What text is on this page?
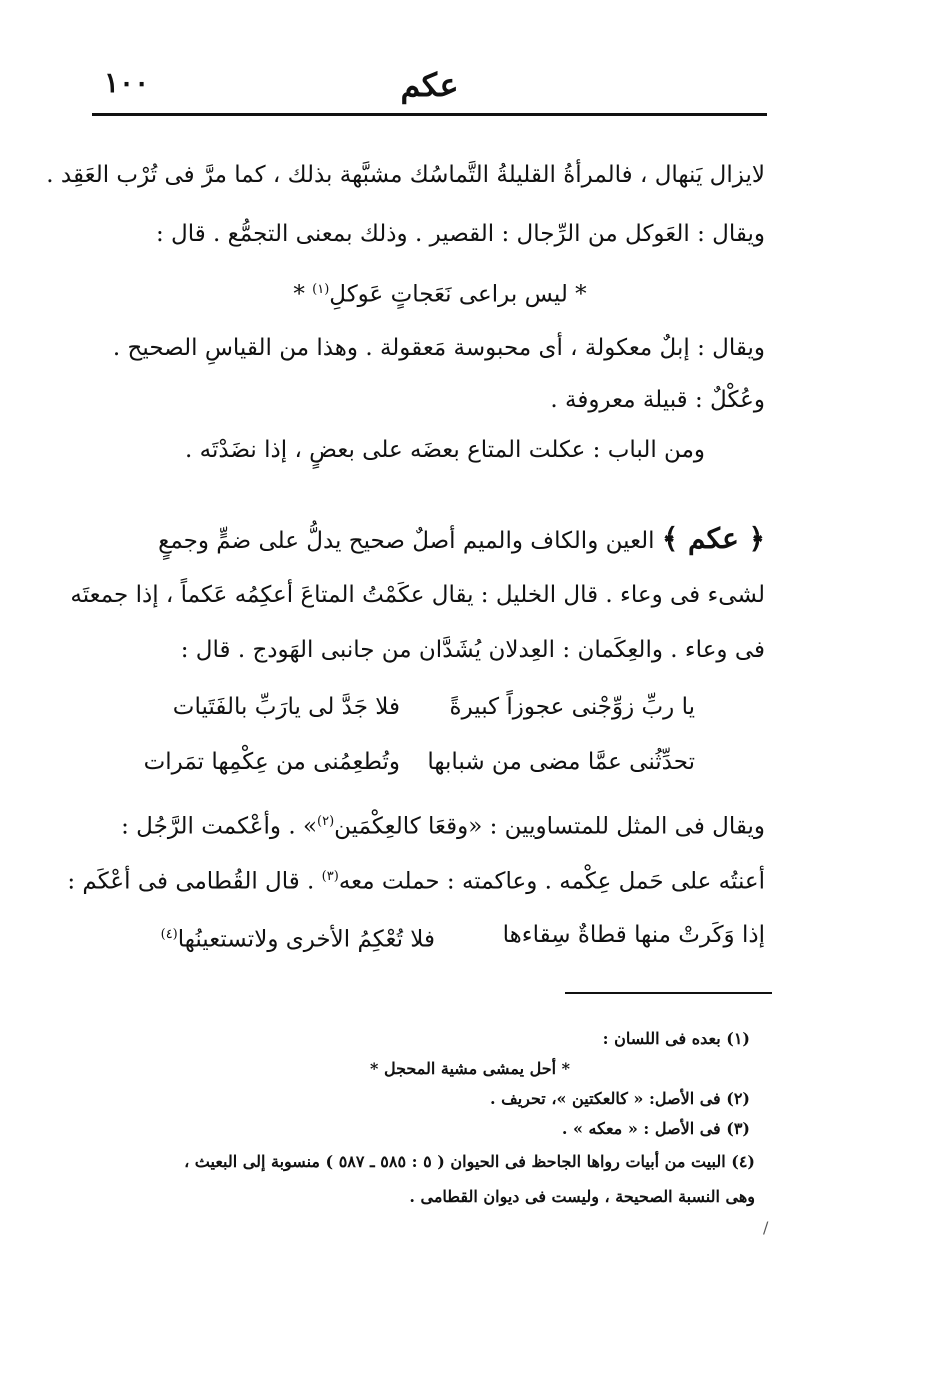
١٠٠	عكم
لايزال يَنهال ، فالمرأةُ القليلةُ التَّماسُك مشبَّهة بذلك ، كما مرَّ فى تُرْب العَقِد .
ويقال : العَوكل من الرِّجال : القصير . وذلك بمعنى التجمُّع . قال :
* ليس براعى نَعَجاتٍ عَوكلِ$^{(١)}$ *
ويقال : إبلٌ معكولة ، أى محبوسة مَعقولة . وهذا من القياسِ الصحيح .
وعُكْلٌ : قبيلة معروفة .
ومن الباب : عكلت المتاع بعضَه على بعضٍ ، إذا نضَدْتَه .
﴿ عكم ﴾ العين والكاف والميم أصلٌ صحيح يدلُّ على ضمٍّ وجمعٍ
لشىء فى وعاء . قال الخليل : يقال عكَمْتُ المتاعَ أعكِمُه عَكماً ، إذا جمعتَه
فى وعاء . والعِكَمان : العِدلان يُشَدَّان من جانبى الهَودج . قال :
يا ربِّ زوِّجْنى عجوزاً كبيرةً
فلا جَدَّ لى يارَبِّ بالفَتَيات
تحدِّثُنى عمَّا مضى من شبابها
وتُطعِمُنى من عِكْمِها تمَرات
ويقال فى المثل للمتساويين : «وقعَا كالعِكْمَين$^{(٢)}$» . وأعْكمت الرَّجُل :
أعنتُه على حَمل عِكْمه . وعاكمته : حملت معه$^{(٣)}$ . قال القُطامى فى أعْكَم :
إذا وَكَرتْ منها قطاةٌ سِقاءها
فلا تُعْكِمُ الأخرى ولاتستعينُها$^{(٤)}$
(١) بعده فى اللسان :
* أحل يمشى مشية المحجل *
(٢) فى الأصل: « كالعكتين »، تحريف .
(٣) فى الأصل : « معكه » .
(٤) البيت من أبيات رواها الجاحظ فى الحيوان ( ٥ : ٥٨٥ ـ ٥٨٧ ) منسوبة إلى البعيث ،
وهى النسبة الصحيحة ، وليست فى ديوان القطامى .
/
